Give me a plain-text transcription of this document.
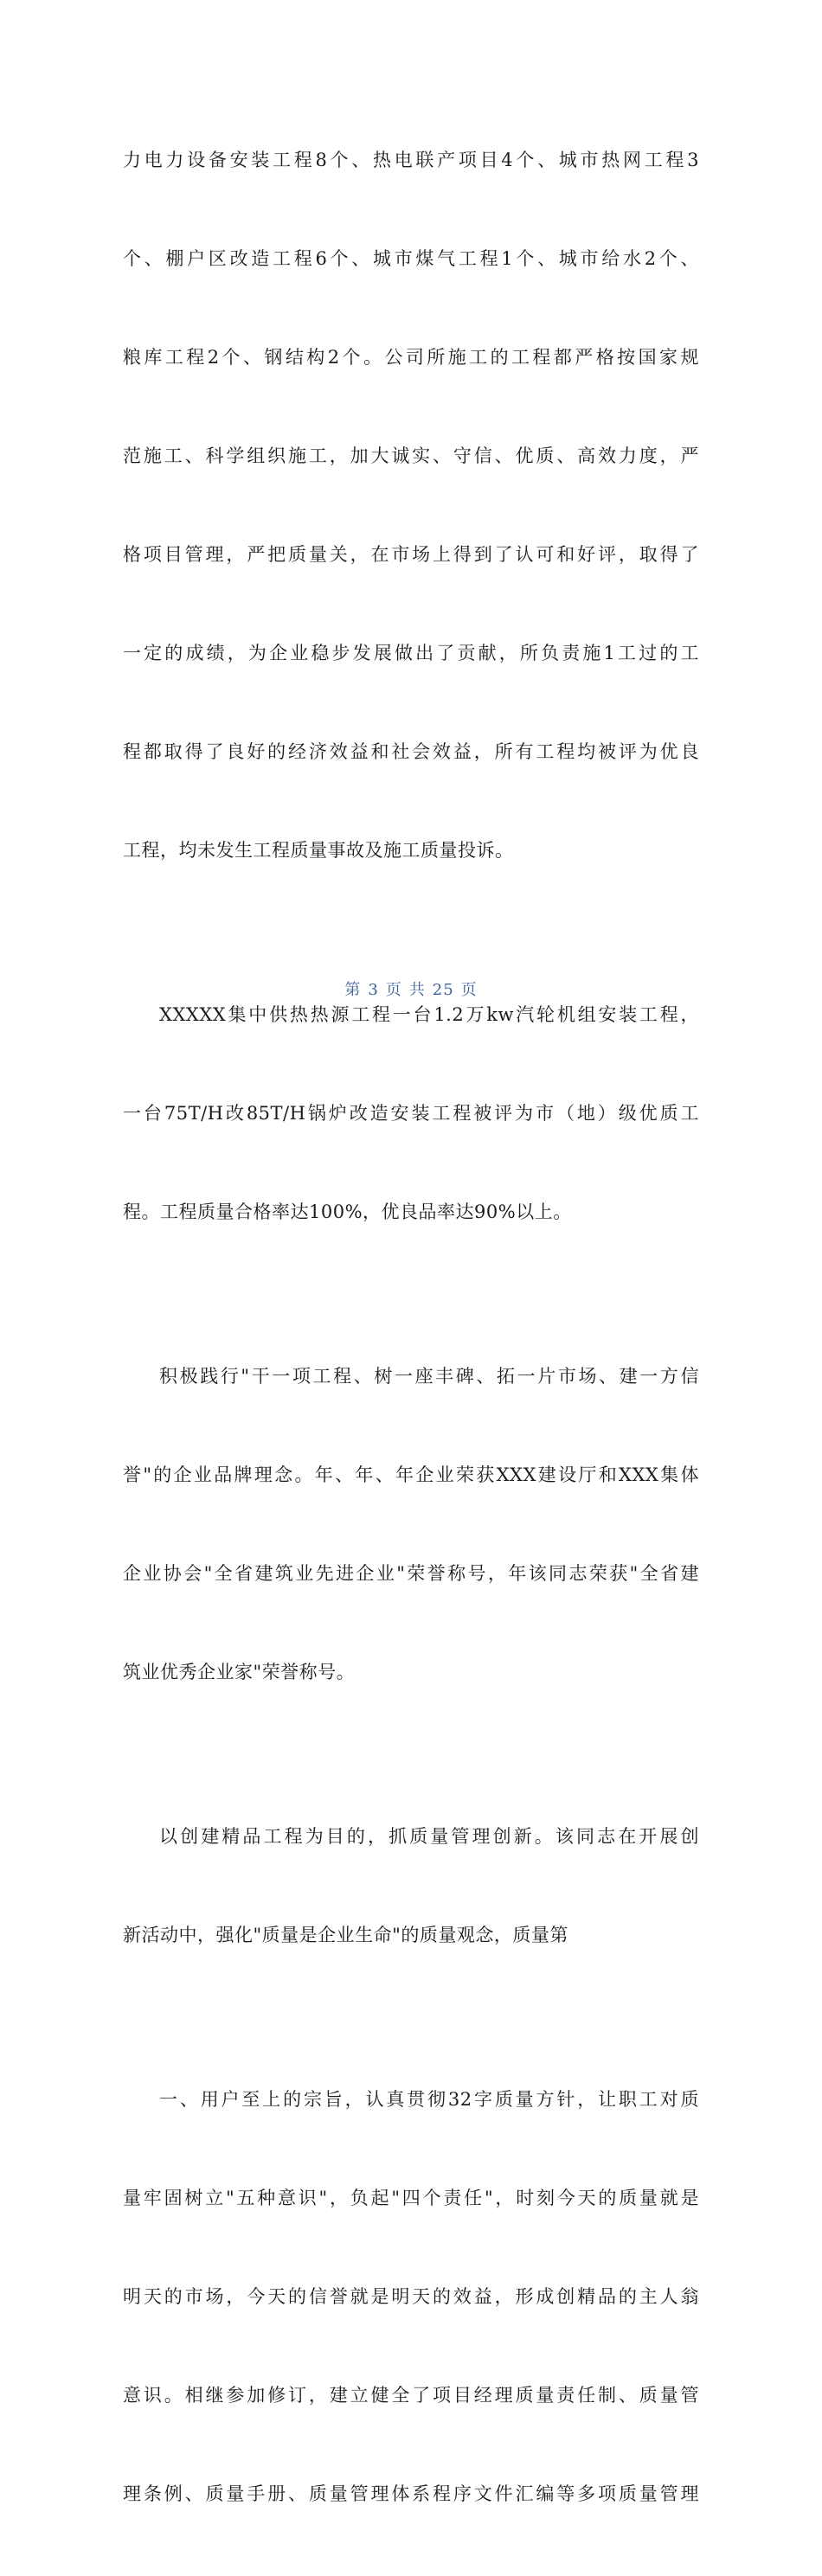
力电力设备安装工程8个、热电联产项目4个、城市热网工程3

个、棚户区改造工程6个、城市煤气工程1个、城市给水2个、

粮库工程2个、钢结构2个。公司所施工的工程都严格按国家规

范施工、科学组织施工，加大诚实、守信、优质、高效力度，严

格项目管理，严把质量关，在市场上得到了认可和好评，取得了

一定的成绩，为企业稳步发展做出了贡献，所负责施1工过的工

程都取得了良好的经济效益和社会效益，所有工程均被评为优良

工程，均未发生工程质量事故及施工质量投诉。

XXXXX集中供热热源工程一台1.2万kw汽轮机组安装工程，

一台75T/H改85T/H锅炉改造安装工程被评为市（地）级优质工

程。工程质量合格率达100%，优良品率达90%以上。

积极践行"干一项工程、树一座丰碑、拓一片市场、建一方信

誉"的企业品牌理念。年、年、年企业荣获XXX建设厅和XXX集体

企业协会"全省建筑业先进企业"荣誉称号，年该同志荣获"全省建

筑业优秀企业家"荣誉称号。

以创建精品工程为目的，抓质量管理创新。该同志在开展创

新活动中，强化"质量是企业生命"的质量观念，质量第

一、用户至上的宗旨，认真贯彻32字质量方针，让职工对质

量牢固树立"五种意识"，负起"四个责任"，时刻今天的质量就是

明天的市场，今天的信誉就是明天的效益，形成创精品的主人翁

意识。相继参加修订，建立健全了项目经理质量责任制、质量管

理条例、质量手册、质量管理体系程序文件汇编等多项质量管理

第 3 页 共 25 页
